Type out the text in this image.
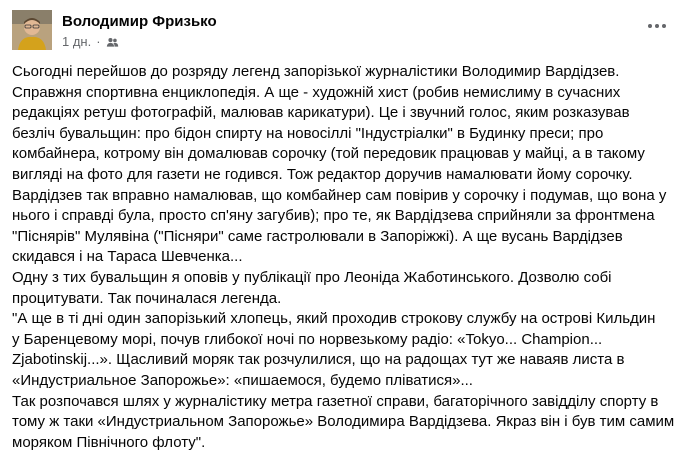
Володимир Фризько
1 дн. ·

Сьогодні перейшов до розряду легенд запорізької журналістики Володимир Вардідзев.

Справжня спортивна енциклопедія. А ще - художній хист (робив немислиму в сучасних

редакціях ретуш фотографій, малював карикатури). Це і звучний голос, яким розказував

безліч бувальщин: про бідон спирту на новосіллі "Індустріалки" в Будинку преси; про

комбайнера, котрому він домалював сорочку (той передовик працював у майці, а в такому

вигляді на фото для газети не годився. Тож редактор доручив намалювати йому сорочку.

Вардідзев так вправно намалював, що комбайнер сам повірив у сорочку і подумав, що вона у

нього і справді була, просто сп'яну загубив); про те, як Вардідзева сприйняли за фронтмена

"Піснярів" Мулявіна ("Пісняри" саме гастролювали в Запоріжжі). А ще вусань Вардідзев

скидався і на Тараса Шевченка...

Одну з тих бувальщин я оповів у публікації про Леоніда Жаботинського. Дозволю собі

процитувати. Так починалася легенда.

"А ще в ті дні один запорізький хлопець, який проходив строкову службу на острові Кильдин

у Баренцевому морі, почув глибокої ночі по норвезькому радіо: «Tokyo... Champion...

Zjabotinskij...». Щасливий моряк так розчулилися, що на радощах тут же наваяв листа в

«Индустриальное Запорожье»: «пишаемося, будемо пліватися»...

Так розпочався шлях у журналістику метра газетної справи, багаторічного завідділу спорту в

тому ж таки «Индустриальном Запорожье» Володимира Вардідзева. Якраз він і був тим самим

моряком Північного флоту".
